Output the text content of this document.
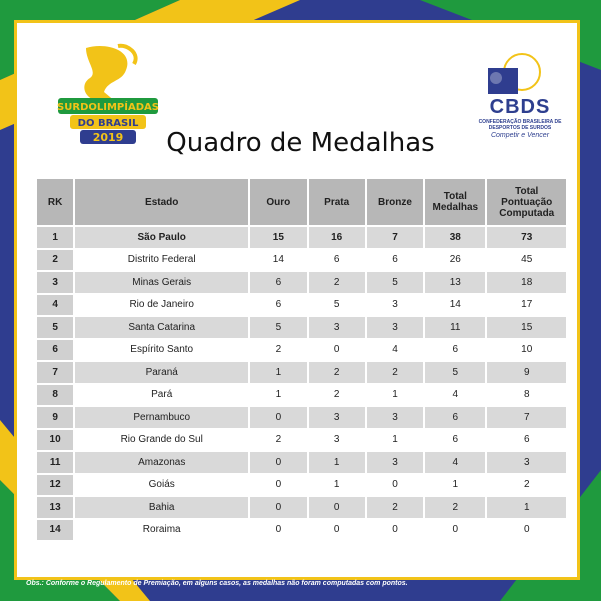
SURDOLIMPÍADAS
DO BRASIL
2019
CBDS
CONFEDERAÇÃO BRASILEIRA DE DESPORTOS DE SURDOS
Competir e Vencer
Quadro de Medalhas
RK	Estado	Ouro	Prata	Bronze	Total Medalhas	Total Pontuação Computada
1	São Paulo	15	16	7	38	73
2	Distrito Federal	14	6	6	26	45
3	Minas Gerais	6	2	5	13	18
4	Rio de Janeiro	6	5	3	14	17
5	Santa Catarina	5	3	3	11	15
6	Espírito Santo	2	0	4	6	10
7	Paraná	1	2	2	5	9
8	Pará	1	2	1	4	8
9	Pernambuco	0	3	3	6	7
10	Rio Grande do Sul	2	3	1	6	6
11	Amazonas	0	1	3	4	3
12	Goiás	0	1	0	1	2
13	Bahia	0	0	2	2	1
14	Roraima	0	0	0	0	0
Obs.: Conforme o Regulamento de Premiação, em alguns casos, as medalhas não foram computadas com pontos.
